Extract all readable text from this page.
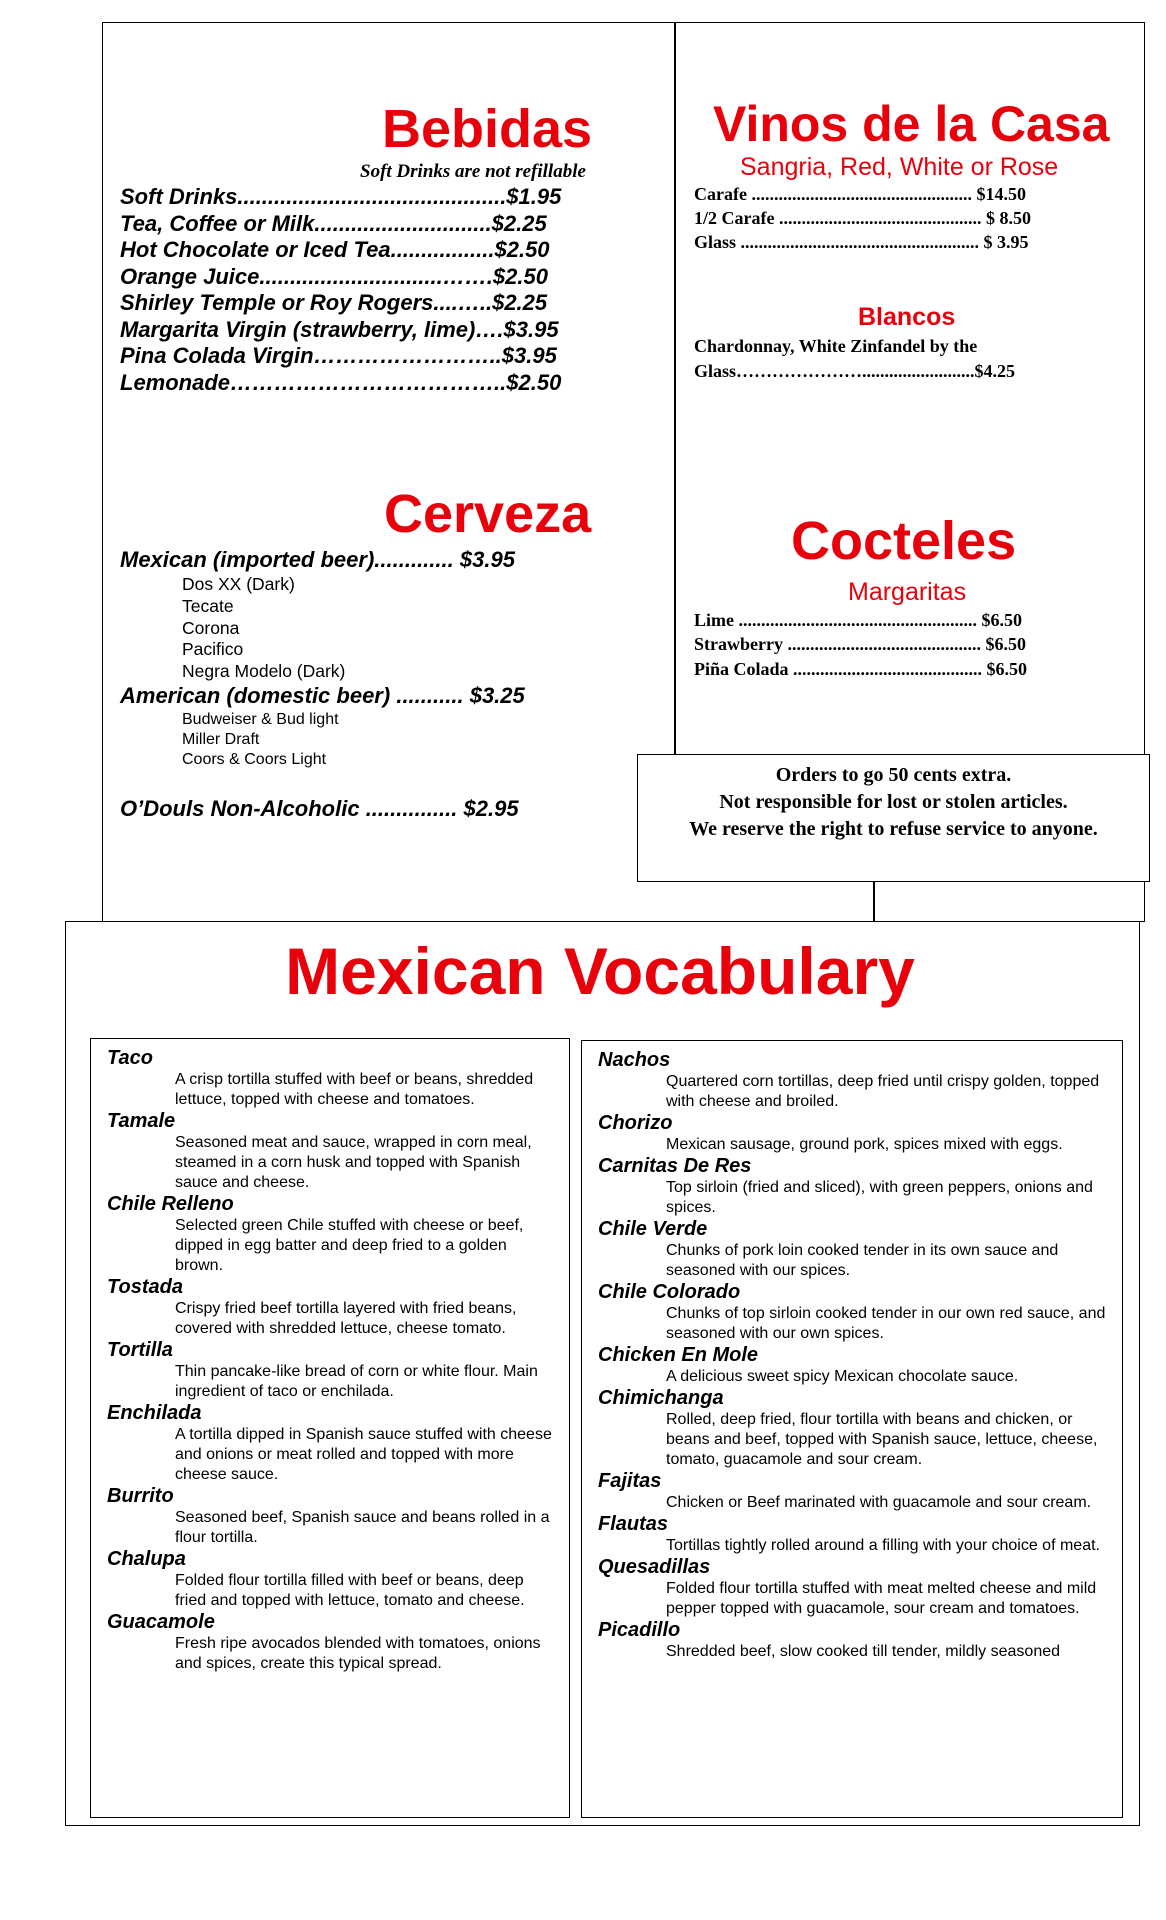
Bebidas
Soft Drinks are not refillable
Soft Drinks............................................$1.95
Tea, Coffee or Milk.............................$2.25
Hot Chocolate or Iced Tea.................$2.50
Orange Juice..............................…….$2.50
Shirley Temple or Roy Rogers....…..$2.25
Margarita Virgin (strawberry, lime)….$3.95
Pina Colada Virgin……………………..$3.95
Lemonade………………………………..$2.50
Cerveza
Mexican (imported beer)............. $3.95
Dos XX (Dark)
Tecate
Corona
Pacifico
Negra Modelo (Dark)
American (domestic beer) ........... $3.25
Budweiser & Bud light
Miller Draft
Coors & Coors Light
O’Douls Non-Alcoholic ............... $2.95
Vinos de la Casa
Sangria, Red, White or Rose
Carafe ................................................. $14.50
1/2 Carafe ............................................. $ 8.50
Glass ..................................................... $ 3.95
Blancos
Chardonnay, White Zinfandel by the
Glass………………….........................$4.25
Cocteles
Margaritas
Lime ..................................................... $6.50
Strawberry ........................................... $6.50
Piña Colada .......................................... $6.50
Orders to go 50 cents extra.
Not responsible for lost or stolen articles.
We reserve the right to refuse service to anyone.
Mexican Vocabulary
Taco
A crisp tortilla stuffed with beef or beans, shredded lettuce, topped with cheese and tomatoes.
Tamale
Seasoned meat and sauce, wrapped in corn meal, steamed in a corn husk and topped with Spanish sauce and cheese.
Chile Relleno
Selected green Chile stuffed with cheese or beef, dipped in egg batter and deep fried to a golden brown.
Tostada
Crispy fried beef tortilla layered with fried beans, covered with shredded lettuce, cheese tomato.
Tortilla
Thin pancake-like bread of corn or white flour. Main ingredient of taco or enchilada.
Enchilada
A tortilla dipped in Spanish sauce stuffed with cheese and onions or meat rolled and topped with more cheese sauce.
Burrito
Seasoned beef, Spanish sauce and beans rolled in a flour tortilla.
Chalupa
Folded flour tortilla filled with beef or beans, deep fried and topped with lettuce, tomato and cheese.
Guacamole
Fresh ripe avocados blended with tomatoes, onions and spices, create this typical spread.
Nachos
Quartered corn tortillas, deep fried until crispy golden, topped with cheese and broiled.
Chorizo
Mexican sausage, ground pork, spices mixed with eggs.
Carnitas De Res
Top sirloin (fried and sliced), with green peppers, onions and spices.
Chile Verde
Chunks of pork loin cooked tender in its own sauce and seasoned with our spices.
Chile Colorado
Chunks of top sirloin cooked tender in our own red sauce, and seasoned with our own spices.
Chicken En Mole
A delicious sweet spicy Mexican chocolate sauce.
Chimichanga
Rolled, deep fried, flour tortilla with beans and chicken, or beans and beef, topped with Spanish sauce, lettuce, cheese, tomato, guacamole and sour cream.
Fajitas
Chicken or Beef marinated with guacamole and sour cream.
Flautas
Tortillas tightly rolled around a filling with your choice of meat.
Quesadillas
Folded flour tortilla stuffed with meat melted cheese and mild pepper topped with guacamole, sour cream and tomatoes.
Picadillo
Shredded beef, slow cooked till tender, mildly seasoned
